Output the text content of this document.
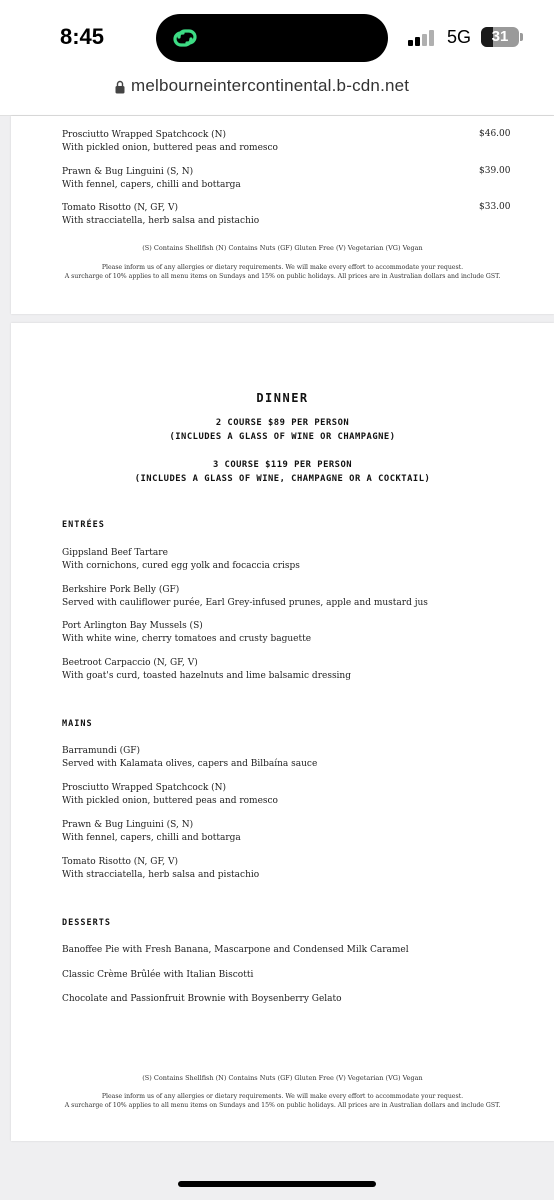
8:45	5G	31
melbourneintercontinental.b-cdn.net
Prosciutto Wrapped Spatchcock (N)
With pickled onion, buttered peas and romesco
$46.00
Prawn & Bug Linguini (S, N)
With fennel, capers, chilli and bottarga
$39.00
Tomato Risotto (N, GF, V)
With stracciatella, herb salsa and pistachio
$33.00
(S) Contains Shellfish (N) Contains Nuts (GF) Gluten Free (V) Vegetarian (VG) Vegan
Please inform us of any allergies or dietary requirements. We will make every effort to accommodate your request.
A surcharge of 10% applies to all menu items on Sundays and 15% on public holidays. All prices are in Australian dollars and include GST.
DINNER
2 COURSE $89 PER PERSON
(INCLUDES A GLASS OF WINE OR CHAMPAGNE)
3 COURSE $119 PER PERSON
(INCLUDES A GLASS OF WINE, CHAMPAGNE OR A COCKTAIL)
ENTRÉES
Gippsland Beef Tartare
With cornichons, cured egg yolk and focaccia crisps
Berkshire Pork Belly (GF)
Served with cauliflower purée, Earl Grey-infused prunes, apple and mustard jus
Port Arlington Bay Mussels (S)
With white wine, cherry tomatoes and crusty baguette
Beetroot Carpaccio (N, GF, V)
With goat's curd, toasted hazelnuts and lime balsamic dressing
MAINS
Barramundi (GF)
Served with Kalamata olives, capers and Bilbaína sauce
Prosciutto Wrapped Spatchcock (N)
With pickled onion, buttered peas and romesco
Prawn & Bug Linguini (S, N)
With fennel, capers, chilli and bottarga
Tomato Risotto (N, GF, V)
With stracciatella, herb salsa and pistachio
DESSERTS
Banoffee Pie with Fresh Banana, Mascarpone and Condensed Milk Caramel
Classic Crème Brûlée with Italian Biscotti
Chocolate and Passionfruit Brownie with Boysenberry Gelato
(S) Contains Shellfish (N) Contains Nuts (GF) Gluten Free (V) Vegetarian (VG) Vegan
Please inform us of any allergies or dietary requirements. We will make every effort to accommodate your request.
A surcharge of 10% applies to all menu items on Sundays and 15% on public holidays. All prices are in Australian dollars and include GST.
